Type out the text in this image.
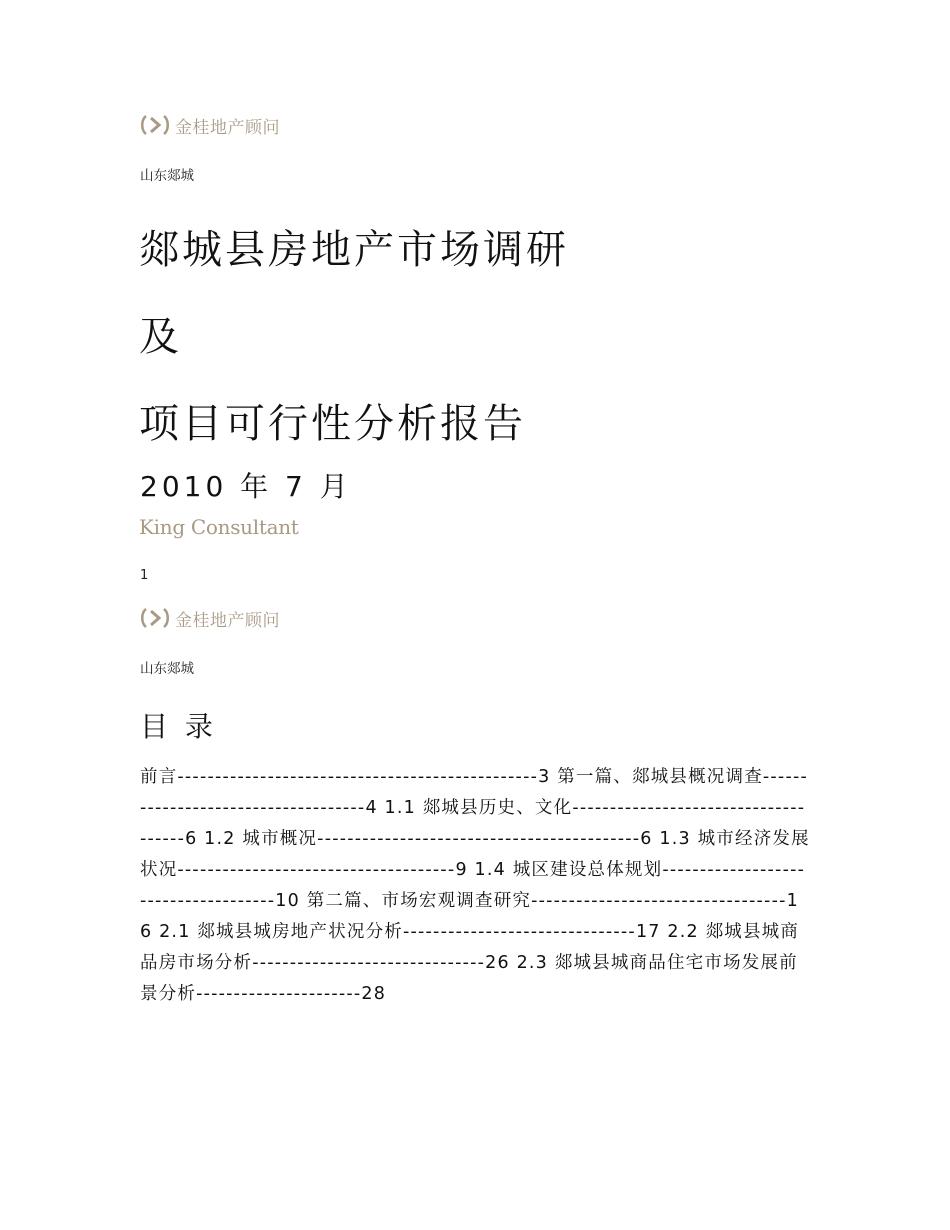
金桂地产顾问
山东郯城
郯城县房地产市场调研
及
项目可行性分析报告
2010 年 7 月
King Consultant
1
金桂地产顾问
山东郯城
目 录
前言------------------------------------------------3 第一篇、郯城县概况调查------------------------------------4 1.1 郯城县历史、文化-------------------------------------6 1.2 城市概况-------------------------------------------6 1.3 城市经济发展状况-------------------------------------9 1.4 城区建设总体规划-------------------------------------10 第二篇、市场宏观调查研究----------------------------------16 2.1 郯城县城房地产状况分析-------------------------------17 2.2 郯城县城商品房市场分析-------------------------------26 2.3 郯城县城商品住宅市场发展前景分析----------------------28
